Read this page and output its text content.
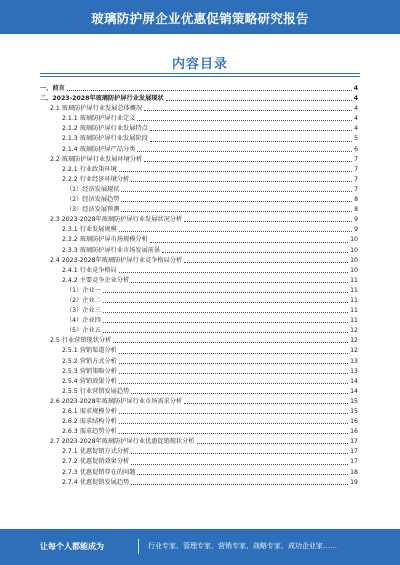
玻璃防护屏企业优惠促销策略研究报告
内容目录
一、前言	4
二、2023-2028年玻璃防护屏行业发展现状	4
2.1 玻璃防护屏行业发展总体概况	4
2.1.1 玻璃防护屏行业定义	4
2.1.2 玻璃防护屏行业发展特点	4
2.1.3 玻璃防护屏行业发展阶段	5
2.1.4 玻璃防护屏产品分类	6
2.2 玻璃防护屏行业发展环境分析	7
2.2.1 行业政策环境	7
2.2.2 行业经济环境分析	7
（1）经济发展现状	7
（2）经济发展趋势	8
（3）经济发展预测	8
2.3 2023-2028年玻璃防护屏行业发展状况分析	9
2.3.1 行业发展规模	9
2.3.2 玻璃防护屏市场规模分析	10
2.3.3 玻璃防护屏行业市场发展前景	10
2.4 2023-2028年玻璃防护屏行业竞争格局分析	10
2.4.1 行业竞争格局	10
2.4.2 主要竞争企业分析	11
（1）企业一	11
（2）企业二	11
（3）企业三	11
（4）企业四	11
（5）企业五	12
2.5 行业营销现状分析	12
2.5.1 营销渠道分析	12
2.5.2 营销方式分析	13
2.5.3 营销策略分析	13
2.5.4 营销效果分析	14
2.5.5 行业营销发展趋势	14
2.6 2023-2028年玻璃防护屏行业市场需求分析	15
2.6.1 需求规模分析	15
2.6.2 需求结构分析	16
2.6.3 需求趋势分析	16
2.7 2023-2028年玻璃防护屏行业优惠促销现状分析	17
2.7.1 优惠促销方式分析	17
2.7.2 优惠促销效果分析	17
2.7.3 优惠促销存在的问题	18
2.7.4 优惠促销发展趋势	19
让每个人都能成为	行业专家、管理专家、营销专家、战略专家、成功企业家……
